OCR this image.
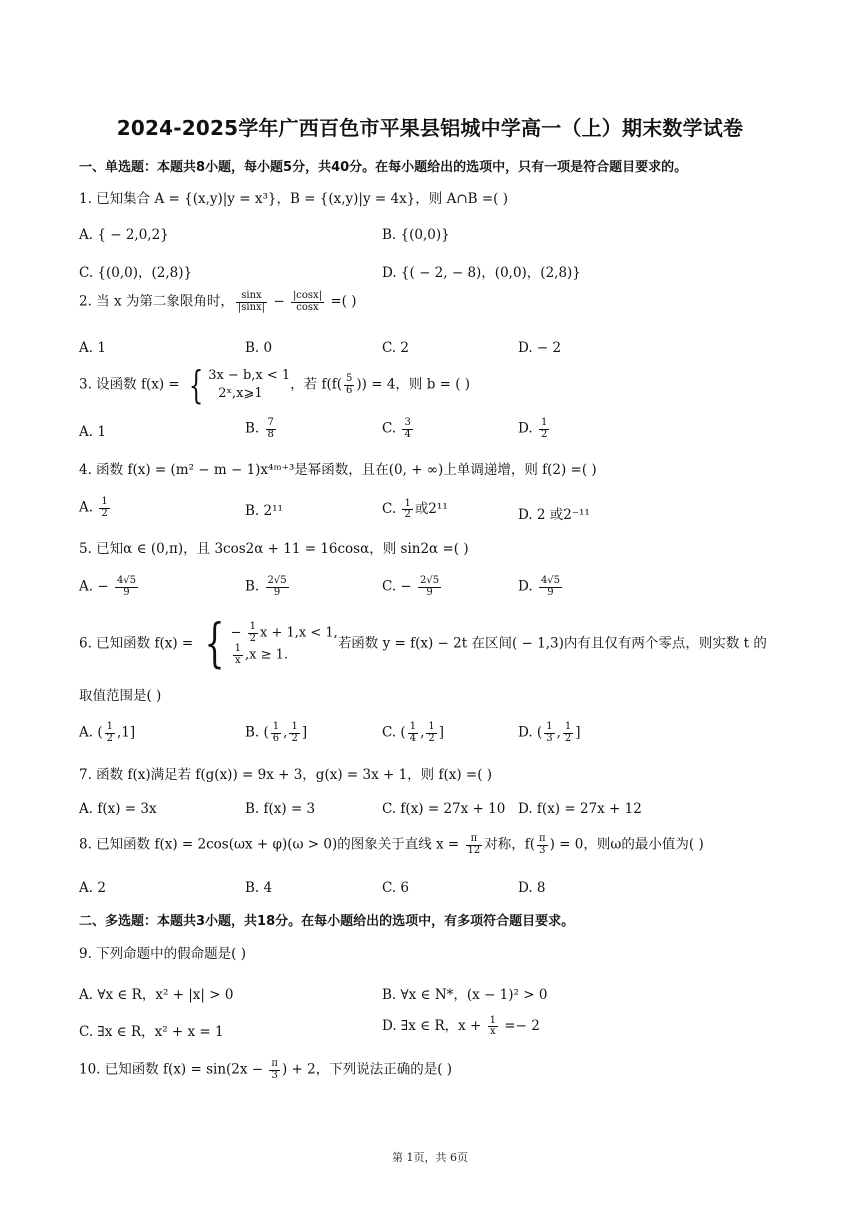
2024-2025学年广西百色市平果县铝城中学高一（上）期末数学试卷
一、单选题：本题共8小题，每小题5分，共40分。在每小题给出的选项中，只有一项是符合题目要求的。
1. 已知集合 A = {(x,y)|y = x³}，B = {(x,y)|y = 4x}，则 A∩B =( )
A. { − 2,0,2}	B. {(0,0)}
C. {(0,0)，(2,8)}	D. {( − 2, − 8)，(0,0)，(2,8)}
2. 当 x 为第二象限角时， $\frac{\sin x}{|\sin x|} - \frac{|\cos x|}{\cos x}$ =( )
A. 1	B. 0	C. 2	D. − 2
3. 设函数 f(x) = { 3x − b,x < 1
2ˣ,x⩾1
，若 $f(f( \frac{5}{6}$ )) = 4，则 b = ( )
A. 1	B. $\frac{7}{8}$	C. $\frac{3}{4}$	D. $\frac{1}{2}$
4. 函数 f(x) = (m² − m − 1)x⁴ᵐ⁺³是幂函数，且在(0, + ∞)上单调递增，则 f(2) =( )
A. $\frac{1}{2}$	B. 2¹¹	C. $\frac{1}{2}$ 或2¹¹	D. 2 或2⁻¹¹
5. 已知α ∈ (0,π)，且 3cos2α + 11 = 16cosα，则 sin2α =( )
A. − $\frac{4√5}{9}$	B. $\frac{2√5}{9}$	C. − $\frac{2√5}{9}$	D. $\frac{4√5}{9}$
6. 已知函数 f(x) = { − $\frac{1}{2}$ x + 1,x < 1,
$\frac{1}{x} ,x \ge 1$.
若函数 y = f(x) − 2t 在区间( − 1,3)内有且仅有两个零点，则实数 t 的
取值范围是( )
A. ( $\frac{1}{2} ,1$]	B. ( $\frac{1}{6}$ , $\frac{1}{2}$ ]	C. ( $\frac{1}{4}$ , $\frac{1}{2}$ ]	D. ( $\frac{1}{3}$ , $\frac{1}{2}$ ]
7. 函数 f(x)满足若 f(g(x)) = 9x + 3，g(x) = 3x + 1，则 f(x) =( )
A. f(x) = 3x	B. f(x) = 3	C. f(x) = 27x + 10 D. f(x) = 27x + 12
8. 已知函数 f(x) = 2cos(ωx + φ)(ω > 0)的图象关于直线 $x = \frac{\pi}{12}$ 对称，$f( \frac{\pi}{3}$ ) = 0，则ω的最小值为( )
A. 2	B. 4	C. 6	D. 8
二、多选题：本题共3小题，共18分。在每小题给出的选项中，有多项符合题目要求。
9. 下列命题中的假命题是( )
A. ∀x ∈ R，x² + |x| > 0	B. ∀x ∈ N*，(x − 1)² > 0
C. ∃x ∈ R，x² + x = 1	D. ∃x ∈ R，$x + \frac{1}{x} =- 2$
10. 已知函数 $f(x) = \sin(2x - \frac{\pi}{3}$ ) + 2，下列说法正确的是( )
第 1页，共 6页
